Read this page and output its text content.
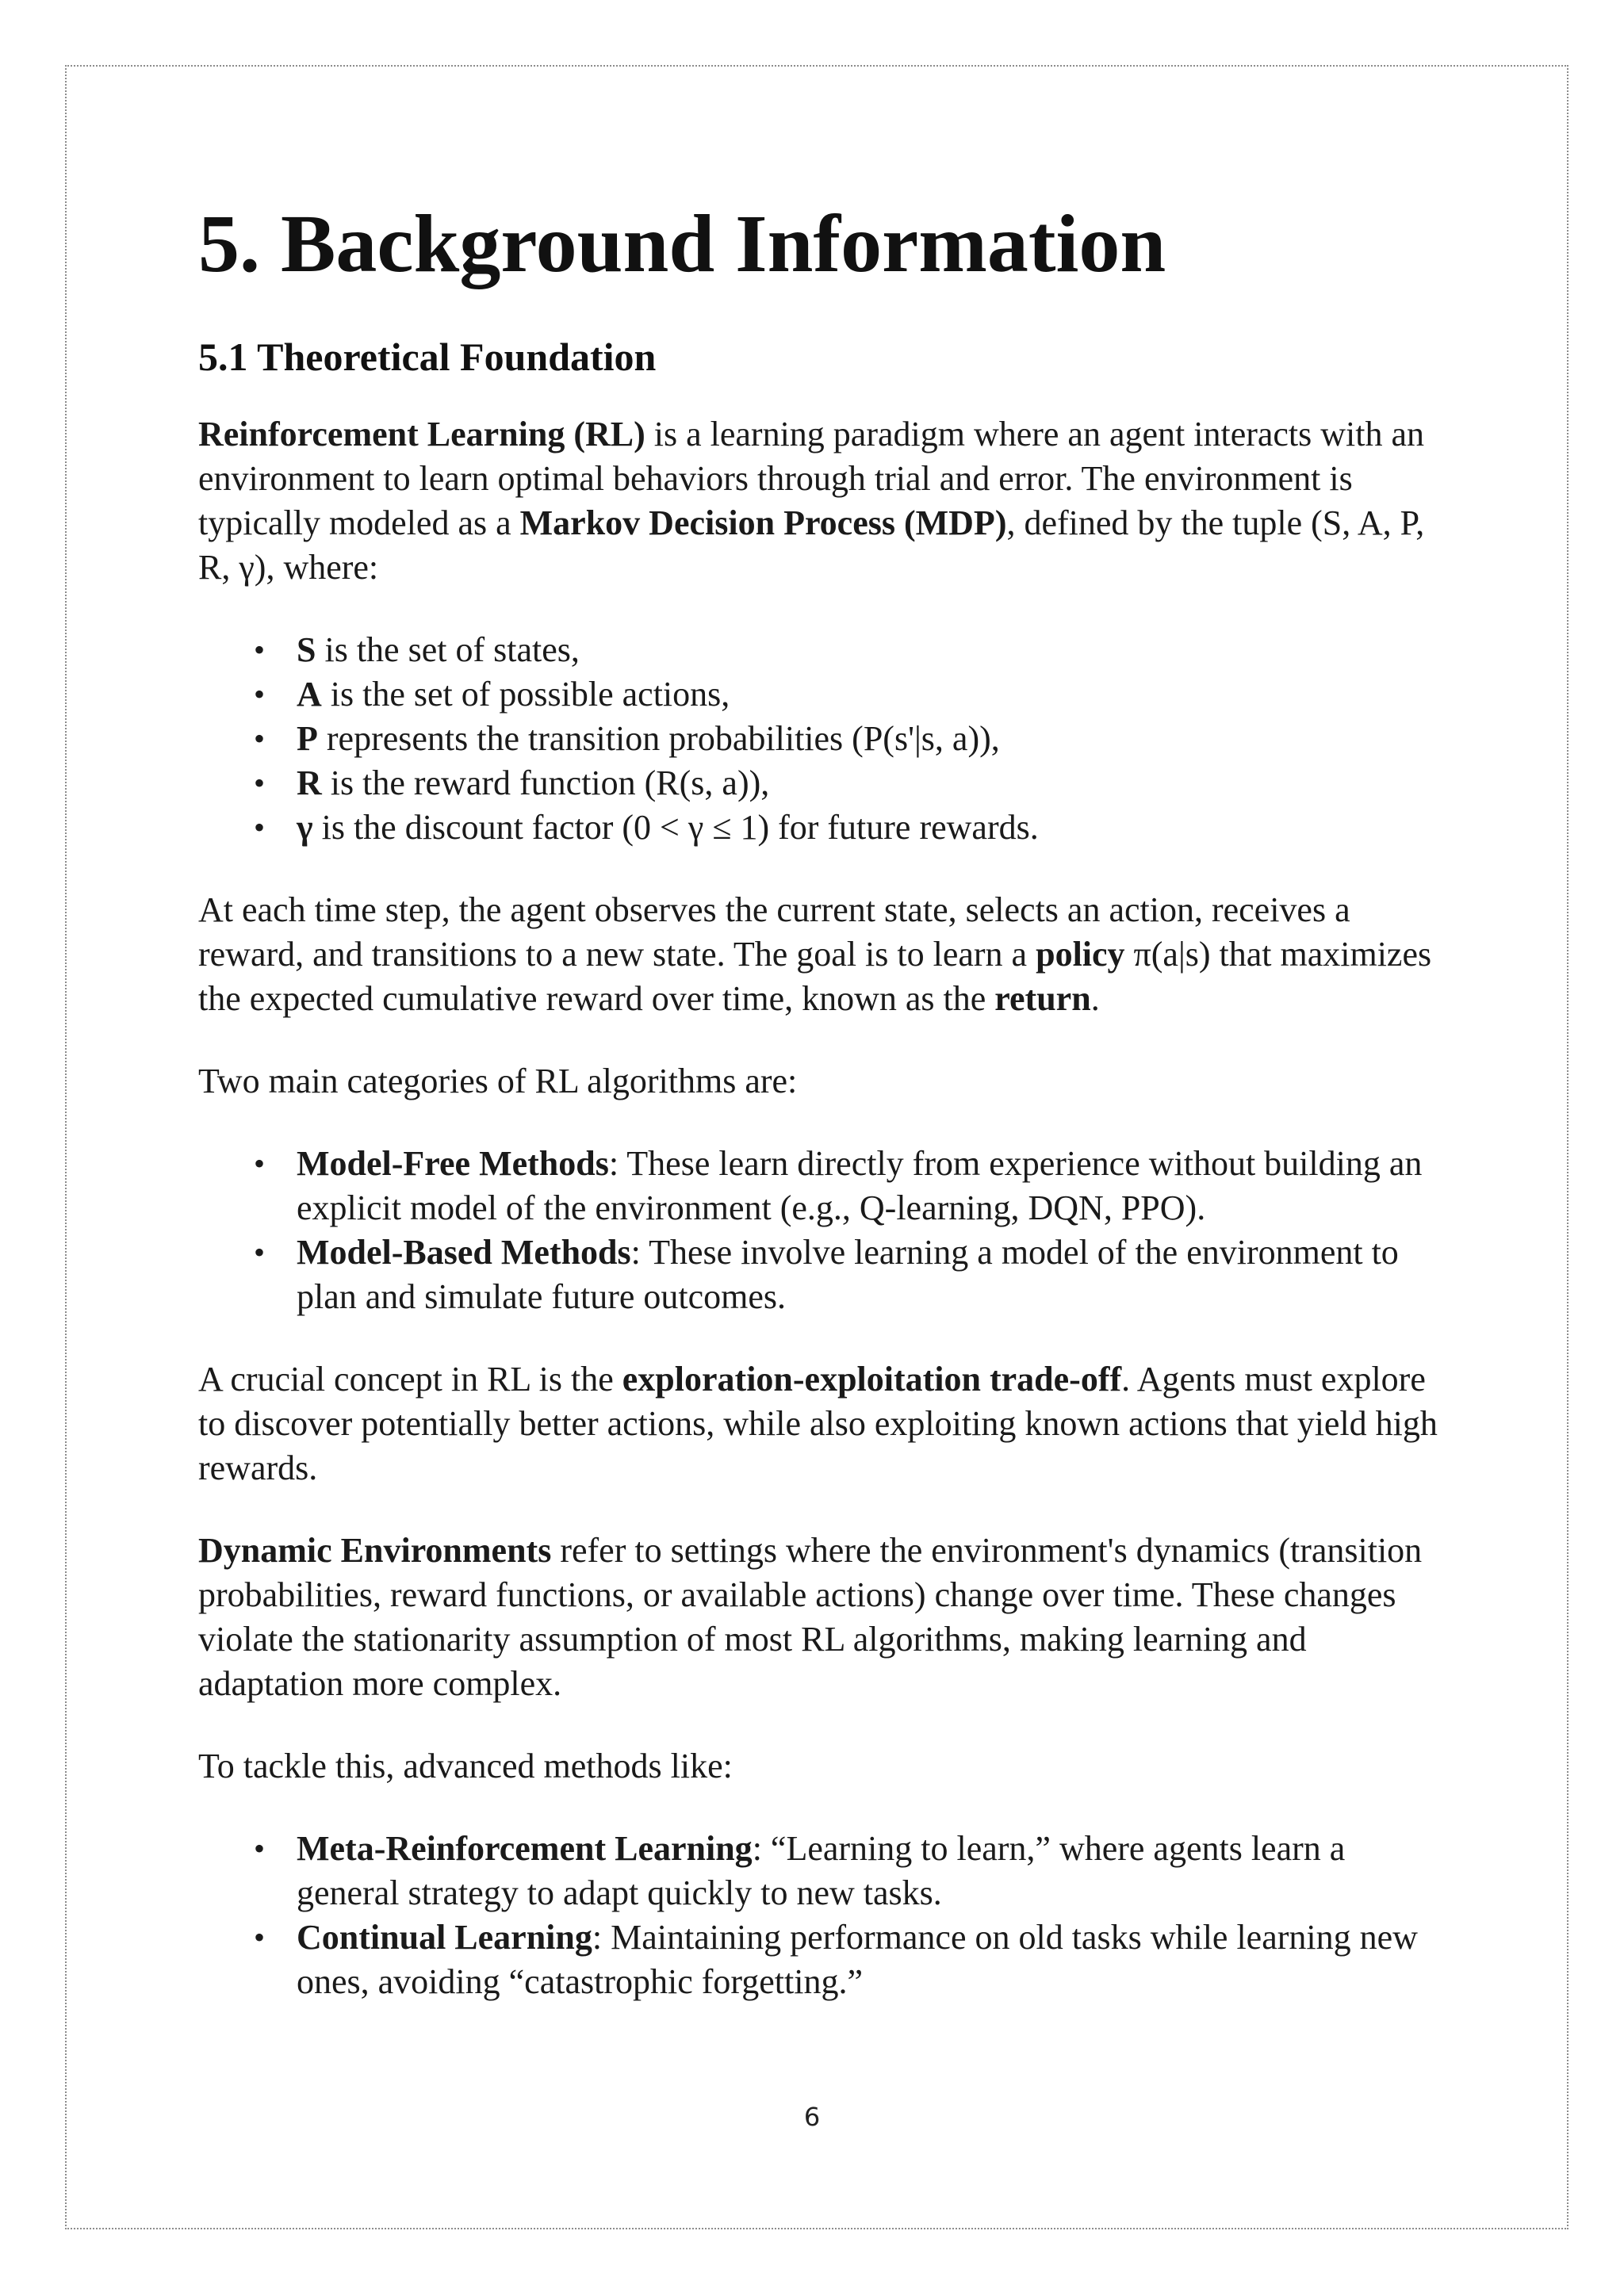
5. Background Information
5.1 Theoretical Foundation

Reinforcement Learning (RL) is a learning paradigm where an agent interacts with an environment to learn optimal behaviors through trial and error. The environment is typically modeled as a Markov Decision Process (MDP), defined by the tuple (S, A, P, R, γ), where:

• S is the set of states,
• A is the set of possible actions,
• P represents the transition probabilities (P(s'|s, a)),
• R is the reward function (R(s, a)),
• γ is the discount factor (0 < γ ≤ 1) for future rewards.

At each time step, the agent observes the current state, selects an action, receives a reward, and transitions to a new state. The goal is to learn a policy π(a|s) that maximizes the expected cumulative reward over time, known as the return.

Two main categories of RL algorithms are:

• Model-Free Methods: These learn directly from experience without building an explicit model of the environment (e.g., Q-learning, DQN, PPO).
• Model-Based Methods: These involve learning a model of the environment to plan and simulate future outcomes.

A crucial concept in RL is the exploration-exploitation trade-off. Agents must explore to discover potentially better actions, while also exploiting known actions that yield high rewards.

Dynamic Environments refer to settings where the environment's dynamics (transition probabilities, reward functions, or available actions) change over time. These changes violate the stationarity assumption of most RL algorithms, making learning and adaptation more complex.

To tackle this, advanced methods like:

• Meta-Reinforcement Learning: “Learning to learn,” where agents learn a general strategy to adapt quickly to new tasks.
• Continual Learning: Maintaining performance on old tasks while learning new ones, avoiding “catastrophic forgetting.”
6
